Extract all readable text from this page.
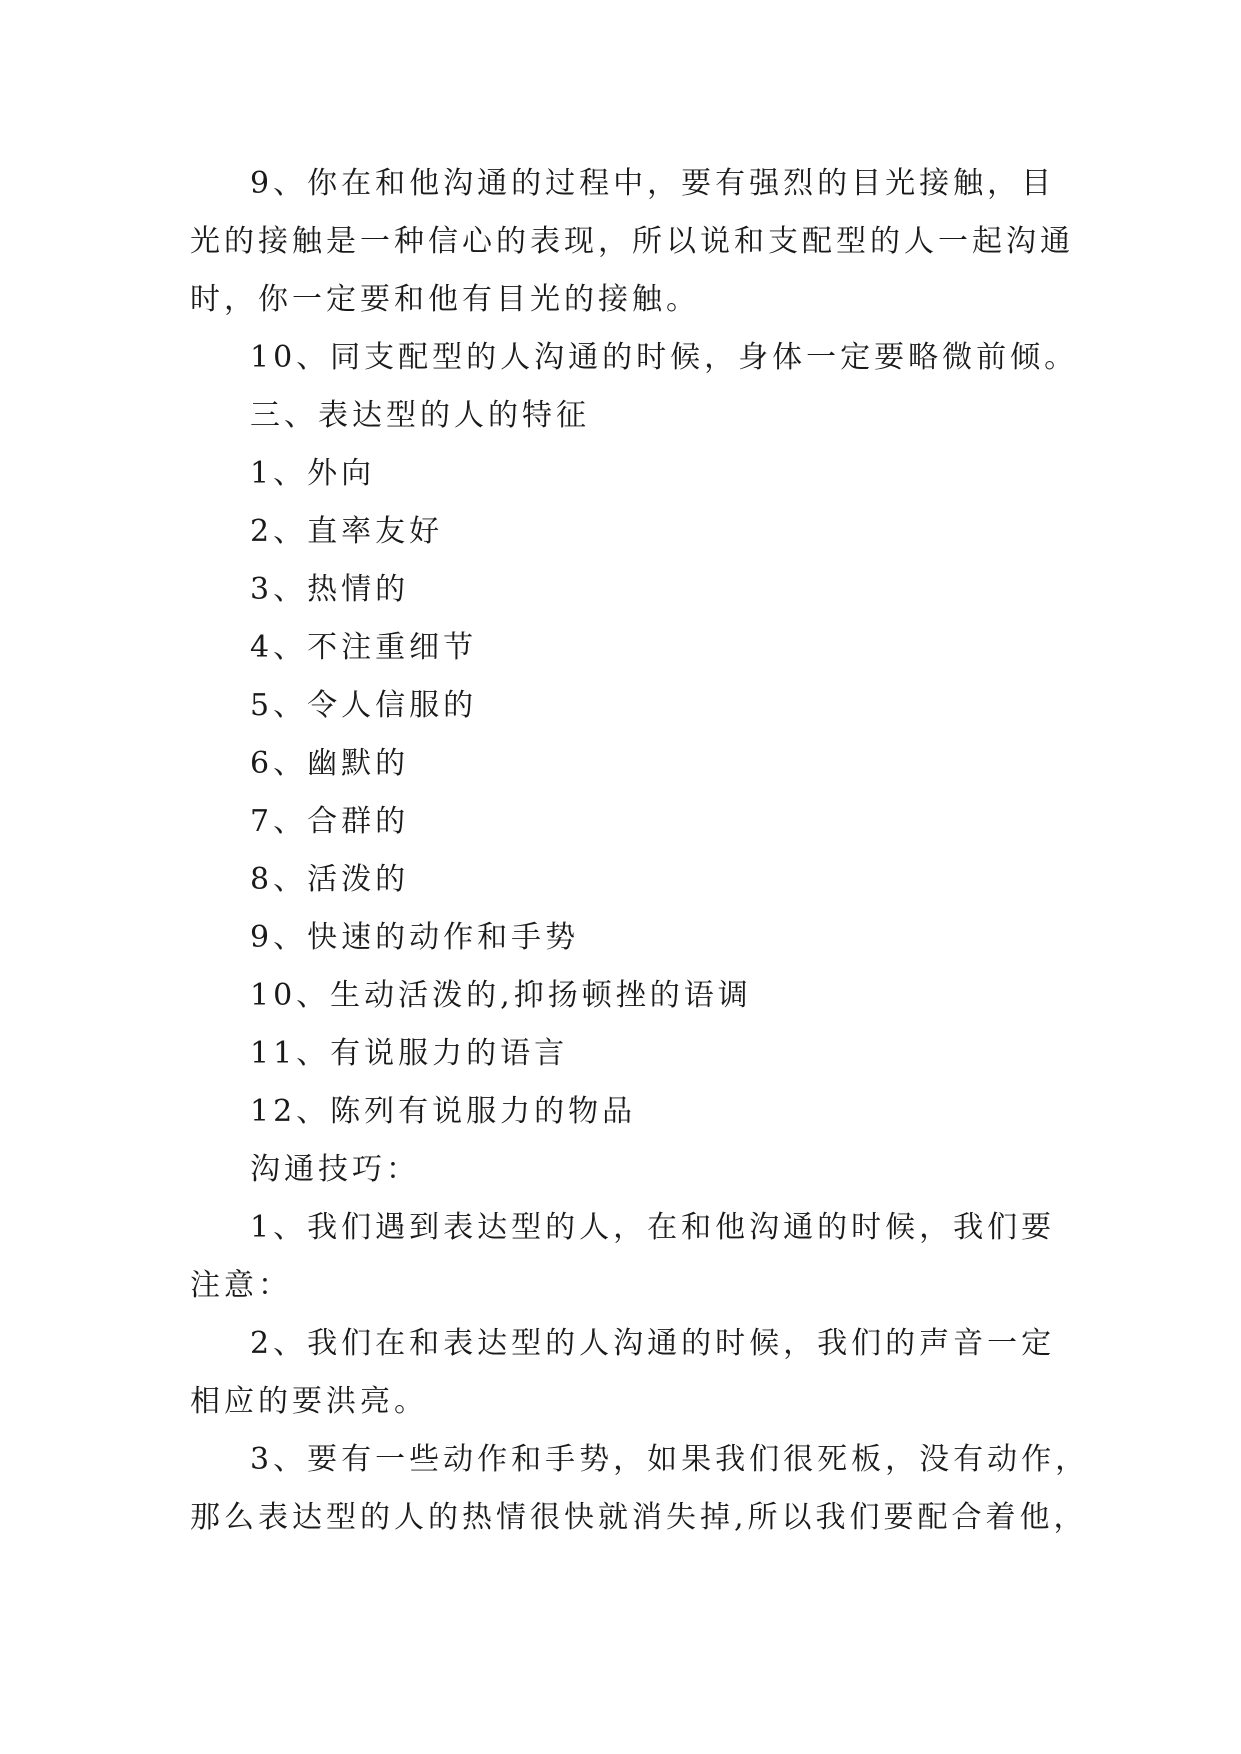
9、你在和他沟通的过程中，要有强烈的目光接触，目
光的接触是一种信心的表现，所以说和支配型的人一起沟通
时，你一定要和他有目光的接触。
10、同支配型的人沟通的时候，身体一定要略微前倾。
三、表达型的人的特征
1、外向
2、直率友好
3、热情的
4、不注重细节
5、令人信服的
6、幽默的
7、合群的
8、活泼的
9、快速的动作和手势
10、生动活泼的,抑扬顿挫的语调
11、有说服力的语言
12、陈列有说服力的物品
沟通技巧：
1、我们遇到表达型的人，在和他沟通的时候，我们要
注意：
2、我们在和表达型的人沟通的时候，我们的声音一定
相应的要洪亮。
3、要有一些动作和手势，如果我们很死板，没有动作，
那么表达型的人的热情很快就消失掉,所以我们要配合着他，
